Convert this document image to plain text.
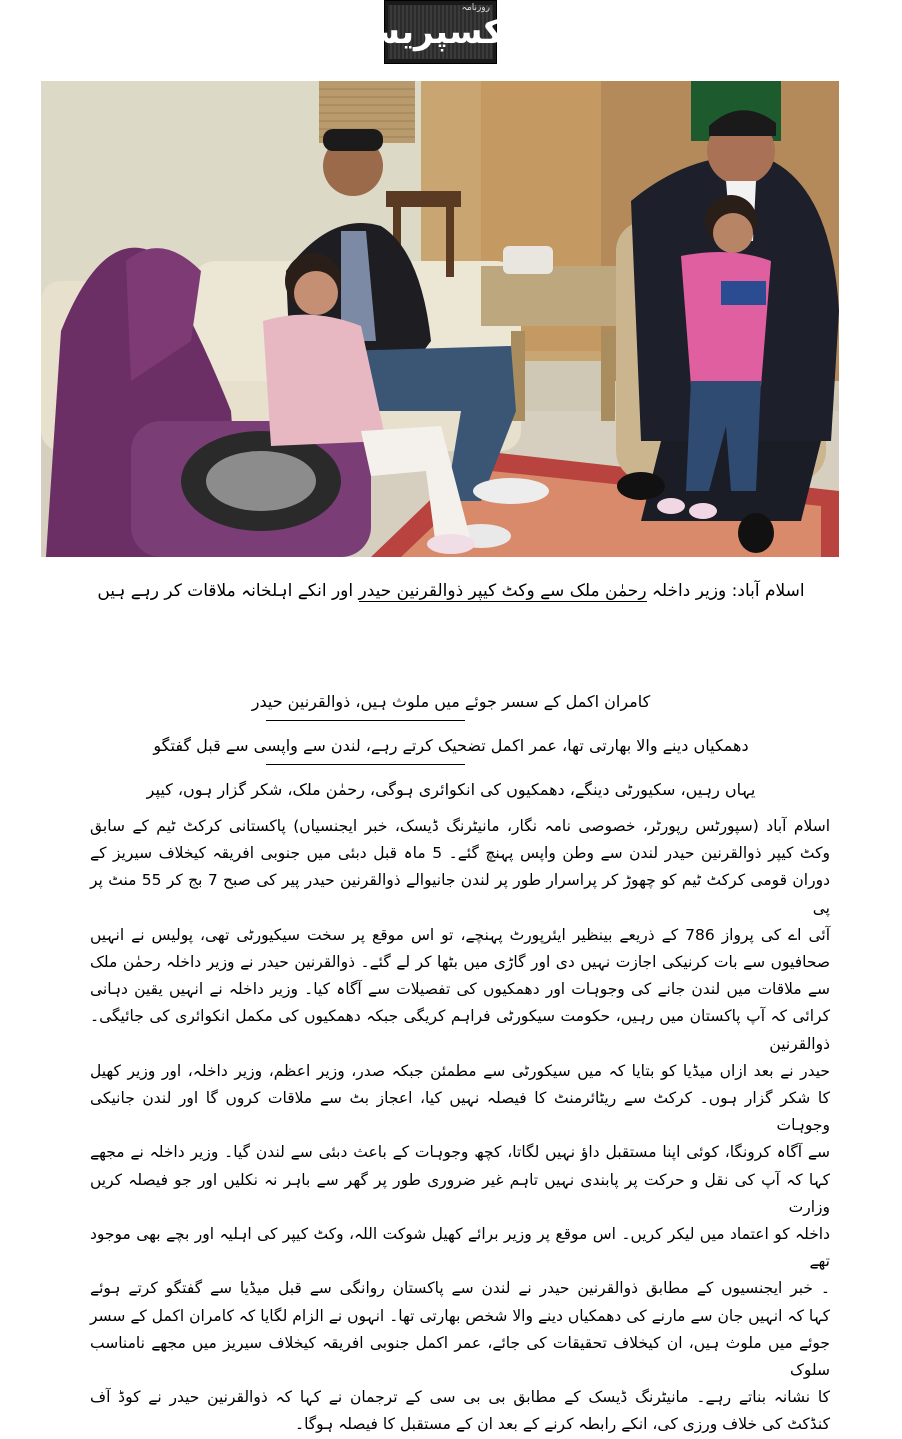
ایکسپریس
روزنامہ
اسلام آباد: وزیر داخلہ رحمٰن ملک سے وکٹ کیپر ذوالقرنین حیدر اور انکے اہلخانہ ملاقات کر رہے ہیں
کامران اکمل کے سسر جوئے میں ملوث ہیں، ذوالقرنین حیدر
دھمکیاں دینے والا بھارتی تھا، عمر اکمل تضحیک کرتے رہے، لندن سے واپسی سے قبل گفتگو
یہاں رہیں، سکیورٹی دینگے، دھمکیوں کی انکوائری ہوگی، رحمٰن ملک، شکر گزار ہوں، کیپر

اسلام آباد (سپورٹس رپورٹر، خصوصی نامہ نگار، مانیٹرنگ ڈیسک، خبر ایجنسیاں) پاکستانی کرکٹ ٹیم کے سابق

وکٹ کیپر ذوالقرنین حیدر لندن سے وطن واپس پہنچ گئے۔ 5 ماہ قبل دبئی میں جنوبی افریقہ کیخلاف سیریز کے

دوران قومی کرکٹ ٹیم کو چھوڑ کر پراسرار طور پر لندن جانیوالے ذوالقرنین حیدر پیر کی صبح 7 بج کر 55 منٹ پر پی

آئی اے کی پرواز 786 کے ذریعے بینظیر ایئرپورٹ پہنچے، تو اس موقع پر سخت سیکیورٹی تھی، پولیس نے انہیں

صحافیوں سے بات کرنیکی اجازت نہیں دی اور گاڑی میں بٹھا کر لے گئے۔ ذوالقرنین حیدر نے وزیر داخلہ رحمٰن ملک

سے ملاقات میں لندن جانے کی وجوہات اور دھمکیوں کی تفصیلات سے آگاہ کیا۔ وزیر داخلہ نے انہیں یقین دہانی

کرائی کہ آپ پاکستان میں رہیں، حکومت سیکورٹی فراہم کریگی جبکہ دھمکیوں کی مکمل انکوائری کی جائیگی۔ ذوالقرنین

حیدر نے بعد ازاں میڈیا کو بتایا کہ میں سیکورٹی سے مطمئن جبکہ صدر، وزیر اعظم، وزیر داخلہ، اور وزیر کھیل

کا شکر گزار ہوں۔ کرکٹ سے ریٹائرمنٹ کا فیصلہ نہیں کیا، اعجاز بٹ سے ملاقات کروں گا اور لندن جانیکی وجوہات

سے آگاہ کرونگا، کوئی اپنا مستقبل داؤ نہیں لگاتا، کچھ وجوہات کے باعث دبئی سے لندن گیا۔ وزیر داخلہ نے مجھے

کہا کہ آپ کی نقل و حرکت پر پابندی نہیں تاہم غیر ضروری طور پر گھر سے باہر نہ نکلیں اور جو فیصلہ کریں وزارت

داخلہ کو اعتماد میں لیکر کریں۔ اس موقع پر وزیر برائے کھیل شوکت اللہ، وکٹ کیپر کی اہلیہ اور بچے بھی موجود تھے

۔ خبر ایجنسیوں کے مطابق ذوالقرنین حیدر نے لندن سے پاکستان روانگی سے قبل میڈیا سے گفتگو کرتے ہوئے

کہا کہ انہیں جان سے مارنے کی دھمکیاں دینے والا شخص بھارتی تھا۔ انہوں نے الزام لگایا کہ کامران اکمل کے سسر

جوئے میں ملوث ہیں، ان کیخلاف تحقیقات کی جائے، عمر اکمل جنوبی افریقہ کیخلاف سیریز میں مجھے نامناسب سلوک

کا نشانہ بناتے رہے۔ مانیٹرنگ ڈیسک کے مطابق بی بی سی کے ترجمان نے کہا کہ ذوالقرنین حیدر نے کوڈ آف

کنڈکٹ کی خلاف ورزی کی، انکے رابطہ کرنے کے بعد ان کے مستقبل کا فیصلہ ہوگا۔
